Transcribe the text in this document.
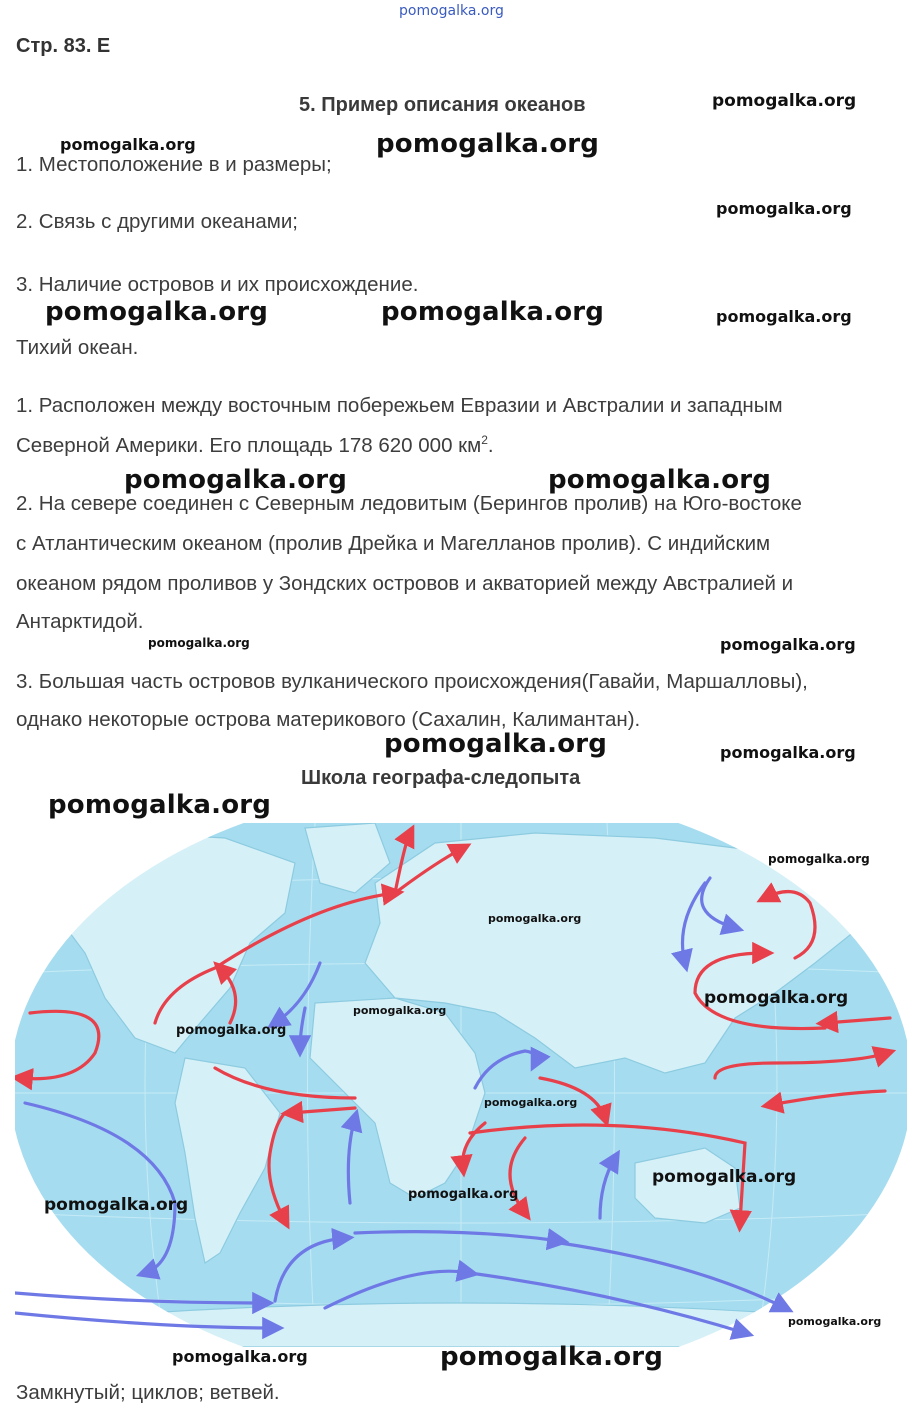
pomogalka.org
Стр. 83. Е
5. Пример описания океанов	pomogalka.org
pomogalka.org	pomogalka.org
1. Местоположение в и размеры;
pomogalka.org
2. Связь с другими океанами;
3. Наличие островов и их происхождение.
pomogalka.org	pomogalka.org	pomogalka.org
Тихий океан.
1. Расположен между восточным побережьем Евразии и Австралии и западным
Северной Америки. Его площадь 178 620 000 $км^2$.
pomogalka.org	pomogalka.org
2. На севере соединен с Северным ледовитым (Берингов пролив) на Юго-востоке
с Атлантическим океаном (пролив Дрейка и Магелланов пролив). С индийским
океаном рядом проливов у Зондских островов и акваторией между Австралией и
Антарктидой.
pomogalka.org	pomogalka.org
3. Большая часть островов вулканического происхождения(Гавайи, Маршалловы),
однако некоторые острова материкового (Сахалин, Калимантан).
pomogalka.org	pomogalka.org
Школа географа-следопыта
pomogalka.org
pomogalka.org
pomogalka.org
pomogalka.org
pomogalka.org
pomogalka.org
pomogalka.org
pomogalka.org
pomogalka.org
pomogalka.org
pomogalka.org
pomogalka.org	pomogalka.org
Замкнутый; циклов; ветвей.
